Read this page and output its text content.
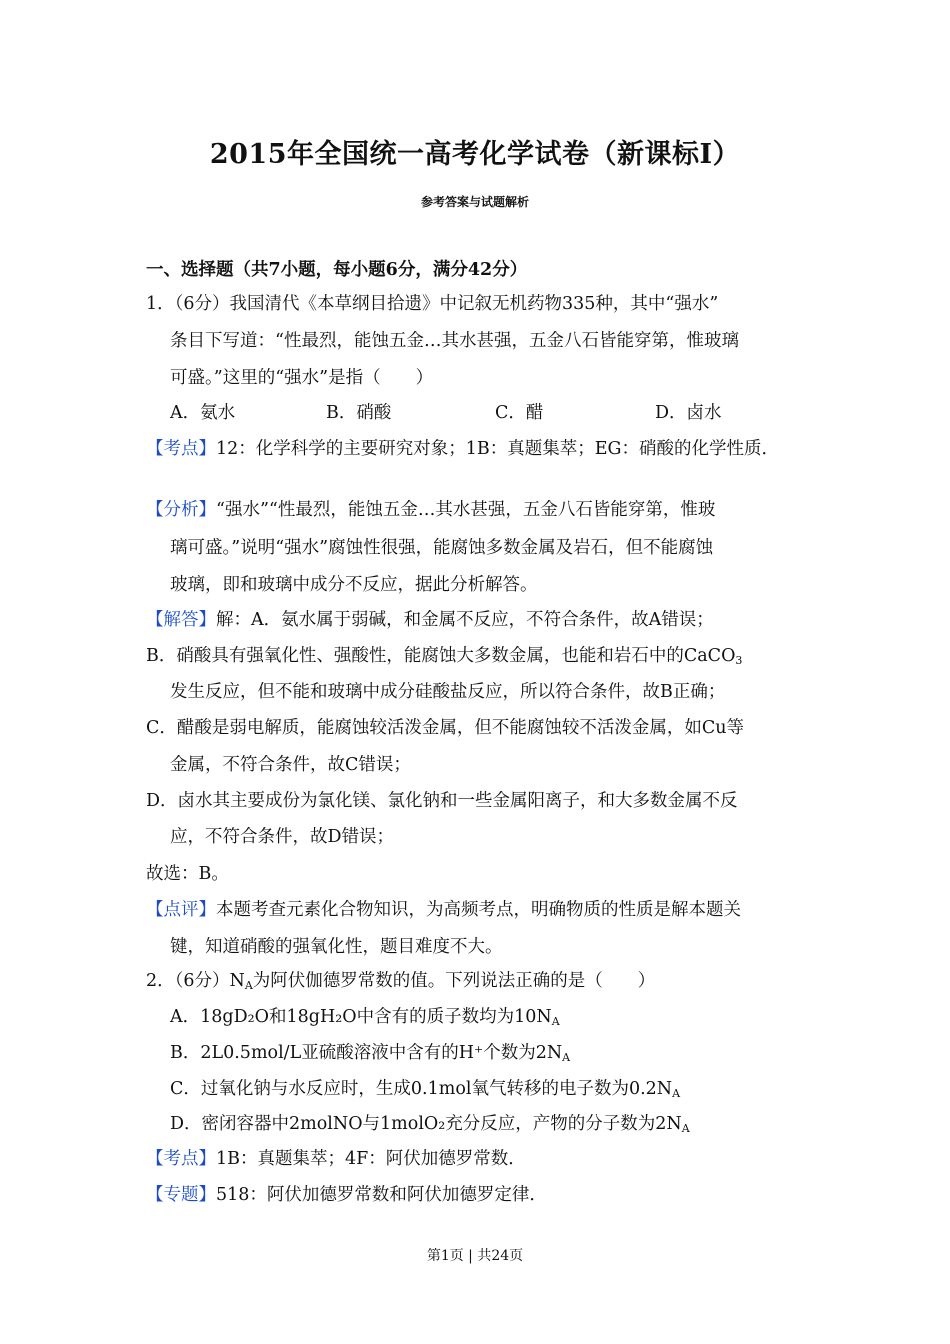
2015年全国统一高考化学试卷（新课标Ⅰ）
参考答案与试题解析
一、选择题（共7小题，每小题6分，满分42分）
1．（6分）我国清代《本草纲目拾遗》中记叙无机药物335种，其中“强水”
条目下写道：“性最烈，能蚀五金…其水甚强，五金八石皆能穿第，惟玻璃
可盛。”这里的“强水”是指（　　）
A．氨水	B．硝酸	C．醋	D．卤水
【考点】12：化学科学的主要研究对象；1B：真题集萃；EG：硝酸的化学性质．
【分析】“强水”“性最烈，能蚀五金…其水甚强，五金八石皆能穿第，惟玻
璃可盛。”说明“强水”腐蚀性很强，能腐蚀多数金属及岩石，但不能腐蚀
玻璃，即和玻璃中成分不反应，据此分析解答。
【解答】解：A．氨水属于弱碱，和金属不反应，不符合条件，故A错误；
B．硝酸具有强氧化性、强酸性，能腐蚀大多数金属，也能和岩石中的CaCO$_3$
发生反应，但不能和玻璃中成分硅酸盐反应，所以符合条件，故B正确；
C．醋酸是弱电解质，能腐蚀较活泼金属，但不能腐蚀较不活泼金属，如Cu等
金属，不符合条件，故C错误；
D．卤水其主要成份为氯化镁、氯化钠和一些金属阳离子，和大多数金属不反
应，不符合条件，故D错误；
故选：B。
【点评】本题考查元素化合物知识，为高频考点，明确物质的性质是解本题关
键，知道硝酸的强氧化性，题目难度不大。
2．（6分）$N_A$为阿伏伽德罗常数的值。下列说法正确的是（　　）
A．18gD₂O和18gH₂O中含有的质子数均为$10N_A$
B．2L0.5mol/L亚硫酸溶液中含有的H⁺个数为$2N_A$
C．过氧化钠与水反应时，生成0.1mol氧气转移的电子数为$0.2N_A$
D．密闭容器中2molNO与1molO₂充分反应，产物的分子数为$2N_A$
【考点】1B：真题集萃；4F：阿伏加德罗常数．
【专题】518：阿伏加德罗常数和阿伏加德罗定律．
第1页 | 共24页
